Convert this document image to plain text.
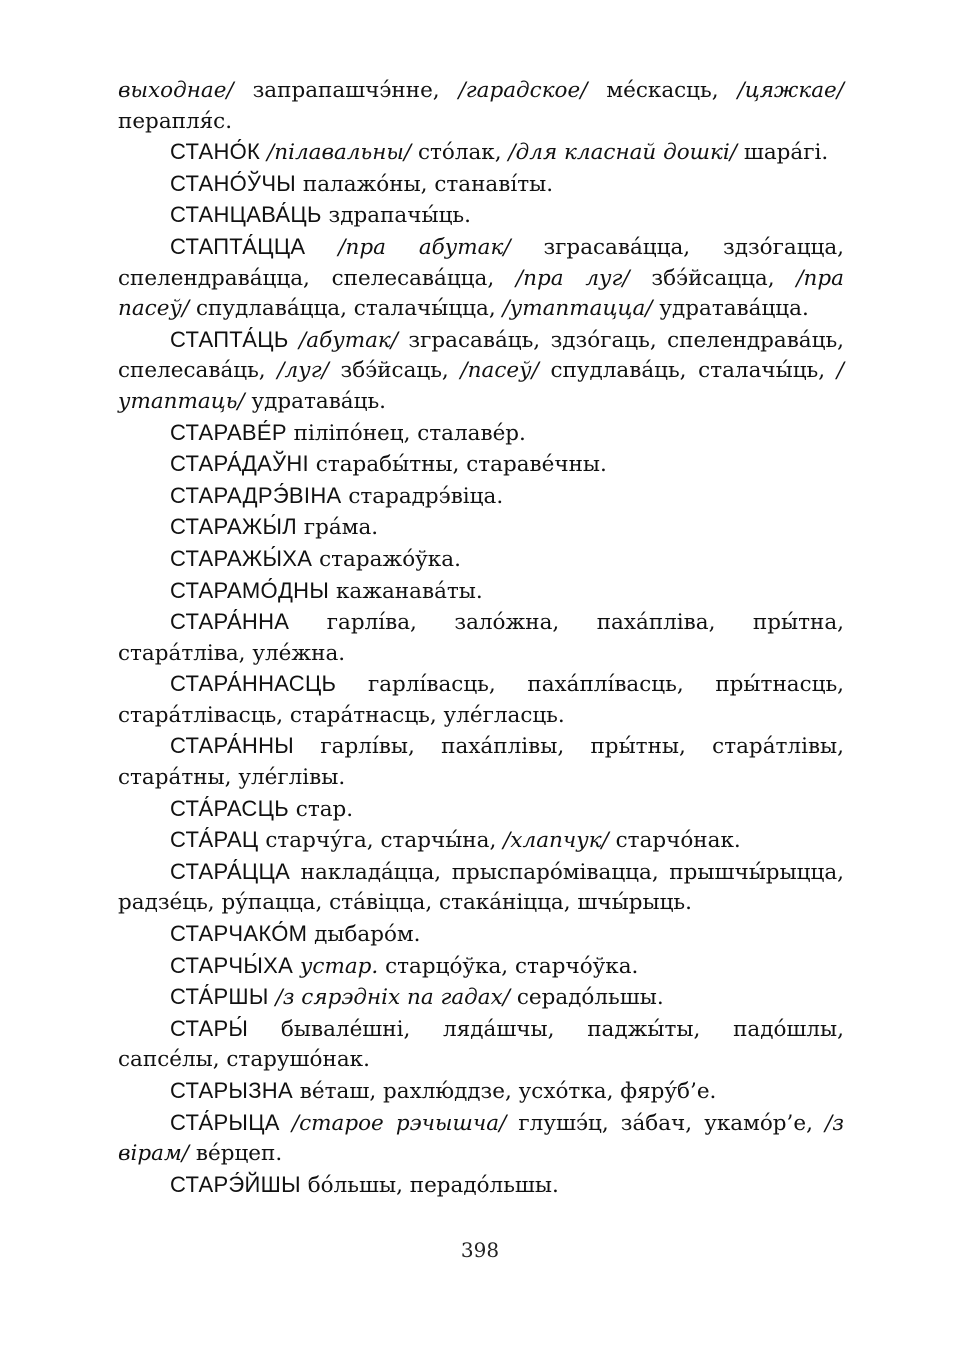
выходнае/ запрапашчэ́нне, /гарадское/ ме́скасць, /цяжкае/ перапля́с.

СТАНО́К /пілавальны/ сто́лак, /для класнай дошкі/ шара́гі.

СТАНО́ЎЧЫ палажо́ны, станаві́ты.

СТАНЦАВА́ЦЬ здрапачы́ць.

СТАПТА́ЦЦА /пра абутак/ зграсава́цца, здзо́гацца, спелендрава́цца, спелесава́цца, /пра луг/ збэ́йсацца, /пра пасеў/ спудлава́цца, сталачы́цца, /утаптацца/ удратава́цца.

СТАПТА́ЦЬ /абутак/ зграсава́ць, здзо́гаць, спелендрава́ць, спелесава́ць, /луг/ збэ́йсаць, /пасеў/ спудлава́ць, сталачы́ць, /утаптаць/ удратава́ць.

СТАРАВЕ́Р піліпо́нец, сталаве́р.

СТАРА́ДАЎНІ старабы́тны, стараве́чны.

СТАРАДРЭ́ВІНА старадрэ́віца.

СТАРАЖЫ́Л гра́ма.

СТАРАЖЫ́ХА старажо́ўка.

СТАРАМО́ДНЫ кажанава́ты.

СТАРА́ННА гарлі́ва, зало́жна, паха́пліва, пры́тна, стара́тліва, уле́жна.

СТАРА́ННАСЦЬ гарлі́васць, паха́плі́васць, пры́тнасць, стара́тлівасць, стара́тнасць, уле́гласць.

СТАРА́ННЫ гарлі́вы, паха́плівы, пры́тны, стара́тлівы, стара́тны, уле́глівы.

СТА́РАСЦЬ стар.

СТА́РАЦ старчу́га, старчы́на, /хлапчук/ старчо́нак.

СТАРА́ЦЦА наклада́цца, прыспаро́мівацца, прышчы́рыцца, радзе́ць, ру́пацца, ста́віцца, стака́ніцца, шчы́рыць.

СТАРЧАКО́М дыбаро́м.

СТАРЧЫ́ХА устар. старцо́ўка, старчо́ўка.

СТА́РШЫ /з сярэдніх па гадах/ серадо́льшы.

СТАРЫ́ бывале́шні, ляда́шчы, паджы́ты, падо́шлы, сапсе́лы, старушо́нак.

СТАРЫЗНА ве́таш, рахлю́ддзе, усхо́тка, фяру́б’е.

СТА́РЫЦА /старое рэчышча/ глушэ́ц, за́бач, укамо́р’е, /з вірам/ ве́рцеп.

СТАРЭ́ЙШЫ бо́льшы, перадо́льшы.

398
